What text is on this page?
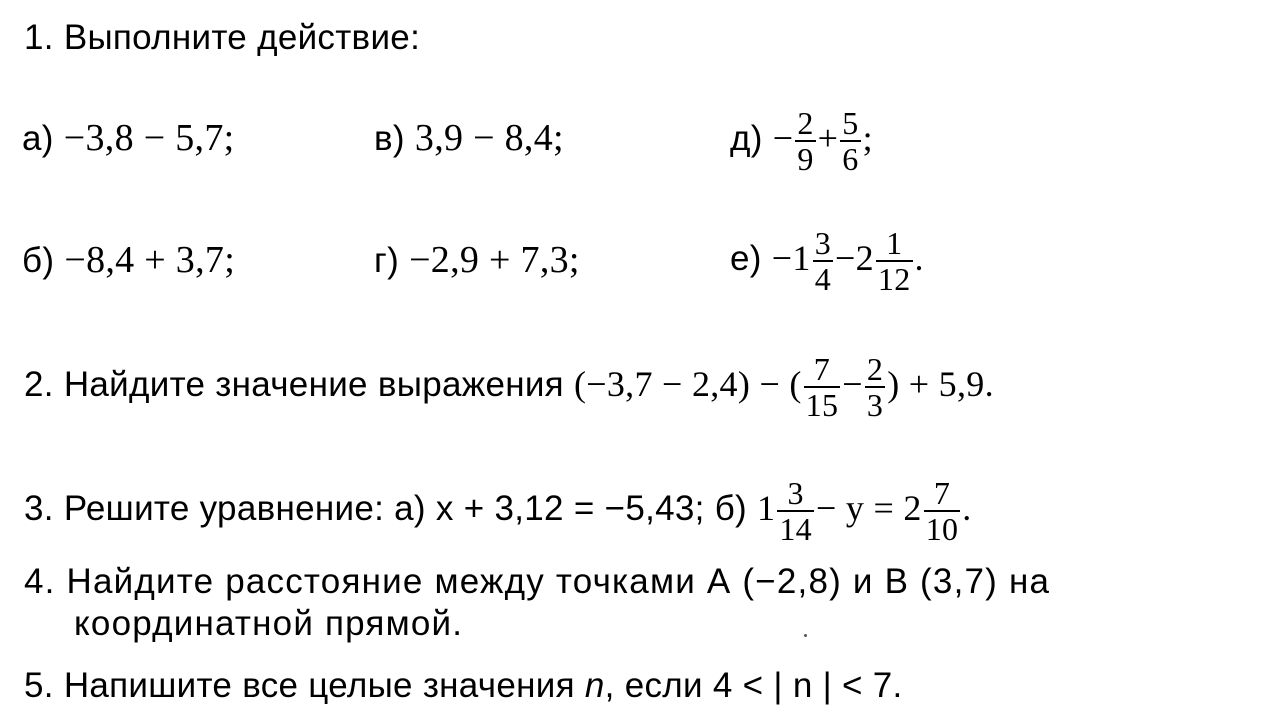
1. Выполните действие:
а) −3,8 − 5,7;	в) 3,9 − 8,4;	$д) - \frac{2}{9} + \frac{5}{6}$ ;
б) −8,4 + 3,7;	г) −2,9 + 7,3;	$е) -1 \frac{3}{4} -2 \frac{1}{12}$ .
2. Найдите значение выражения (−3,7 − 2,4) − ( $\frac{7}{15} - \frac{2}{3}$ ) + 5,9.
3. Решите уравнение: а) х + 3,12 = −5,43; б) $1 \frac{3}{14} - y = 2 \frac{7}{10}$ .
4. Найдите расстояние между точками А (−2,8) и В (3,7) на
координатной прямой.
5. Напишите все целые значения n, если 4 < | n | < 7.
